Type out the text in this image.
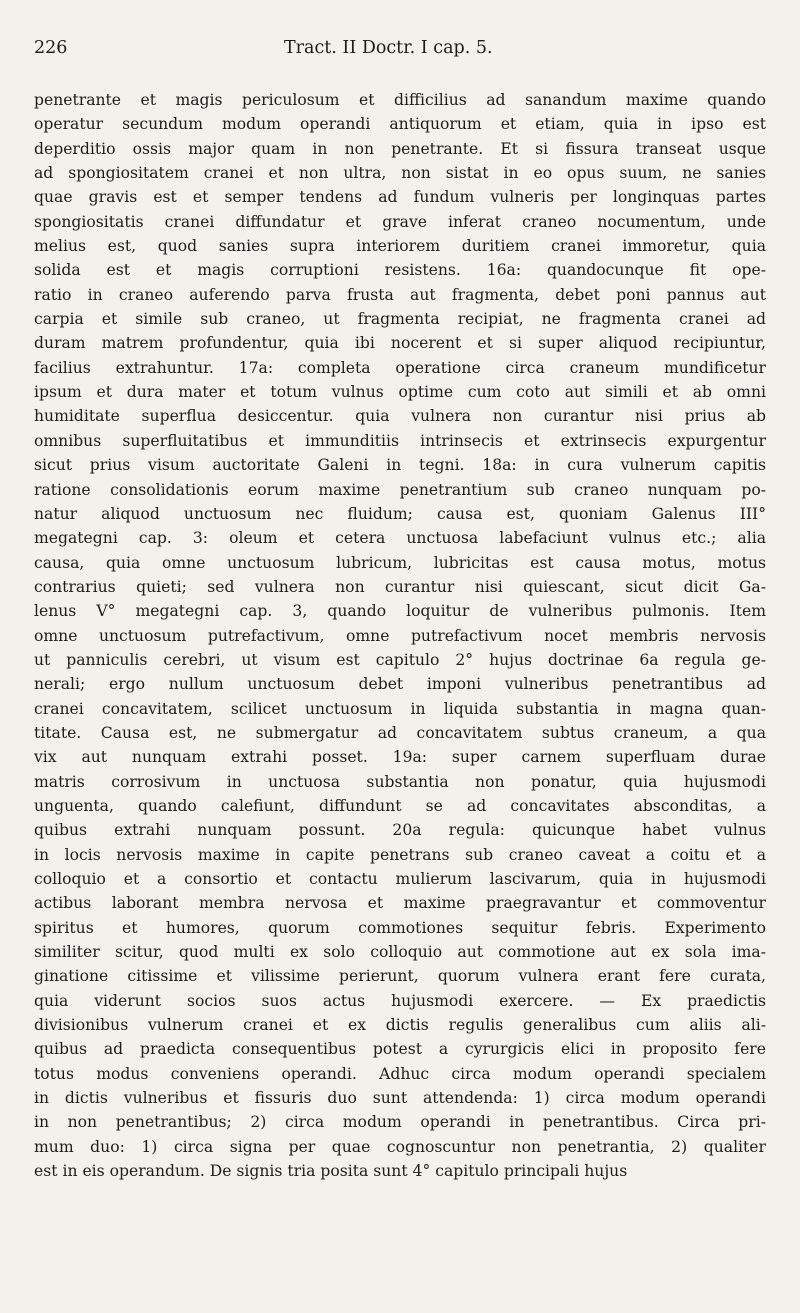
226	Tract. II Doctr. I cap. 5.
penetrante et magis periculosum et difficilius ad sanandum maxime quando
operatur secundum modum operandi antiquorum et etiam, quia in ipso est
deperditio ossis major quam in non penetrante. Et si fissura transeat usque
ad spongiositatem cranei et non ultra, non sistat in eo opus suum, ne sanies
quae gravis est et semper tendens ad fundum vulneris per longinquas partes
spongiositatis cranei diffundatur et grave inferat craneo nocumentum, unde
melius est, quod sanies supra interiorem duritiem cranei immoretur, quia
solida est et magis corruptioni resistens. 16a: quandocunque fit ope-
ratio in craneo auferendo parva frusta aut fragmenta, debet poni pannus aut
carpia et simile sub craneo, ut fragmenta recipiat, ne fragmenta cranei ad
duram matrem profundentur, quia ibi nocerent et si super aliquod recipiuntur,
facilius extrahuntur. 17a: completa operatione circa craneum mundificetur
ipsum et dura mater et totum vulnus optime cum coto aut simili et ab omni
humiditate superflua desiccentur. quia vulnera non curantur nisi prius ab
omnibus superfluitatibus et immunditiis intrinsecis et extrinsecis expurgentur
sicut prius visum auctoritate Galeni in tegni. 18a: in cura vulnerum capitis
ratione consolidationis eorum maxime penetrantium sub craneo nunquam po-
natur aliquod unctuosum nec fluidum; causa est, quoniam Galenus III°
megategni cap. 3: oleum et cetera unctuosa labefaciunt vulnus etc.; alia
causa, quia omne unctuosum lubricum, lubricitas est causa motus, motus
contrarius quieti; sed vulnera non curantur nisi quiescant, sicut dicit Ga-
lenus V° megategni cap. 3, quando loquitur de vulneribus pulmonis. Item
omne unctuosum putrefactivum, omne putrefactivum nocet membris nervosis
ut panniculis cerebri, ut visum est capitulo 2° hujus doctrinae 6a regula ge-
nerali; ergo nullum unctuosum debet imponi vulneribus penetrantibus ad
cranei concavitatem, scilicet unctuosum in liquida substantia in magna quan-
titate. Causa est, ne submergatur ad concavitatem subtus craneum, a qua
vix aut nunquam extrahi posset. 19a: super carnem superfluam durae
matris corrosivum in unctuosa substantia non ponatur, quia hujusmodi
unguenta, quando calefiunt, diffundunt se ad concavitates absconditas, a
quibus extrahi nunquam possunt. 20a regula: quicunque habet vulnus
in locis nervosis maxime in capite penetrans sub craneo caveat a coitu et a
colloquio et a consortio et contactu mulierum lascivarum, quia in hujusmodi
actibus laborant membra nervosa et maxime praegravantur et commoventur
spiritus et humores, quorum commotiones sequitur febris. Experimento
similiter scitur, quod multi ex solo colloquio aut commotione aut ex sola ima-
ginatione citissime et vilissime perierunt, quorum vulnera erant fere curata,
quia viderunt socios suos actus hujusmodi exercere. — Ex praedictis
divisionibus vulnerum cranei et ex dictis regulis generalibus cum aliis ali-
quibus ad praedicta consequentibus potest a cyrurgicis elici in proposito fere
totus modus conveniens operandi. Adhuc circa modum operandi specialem
in dictis vulneribus et fissuris duo sunt attendenda: 1) circa modum operandi
in non penetrantibus; 2) circa modum operandi in penetrantibus. Circa pri-
mum duo: 1) circa signa per quae cognoscuntur non penetrantia, 2) qualiter
est in eis operandum. De signis tria posita sunt 4° capitulo principali hujus
